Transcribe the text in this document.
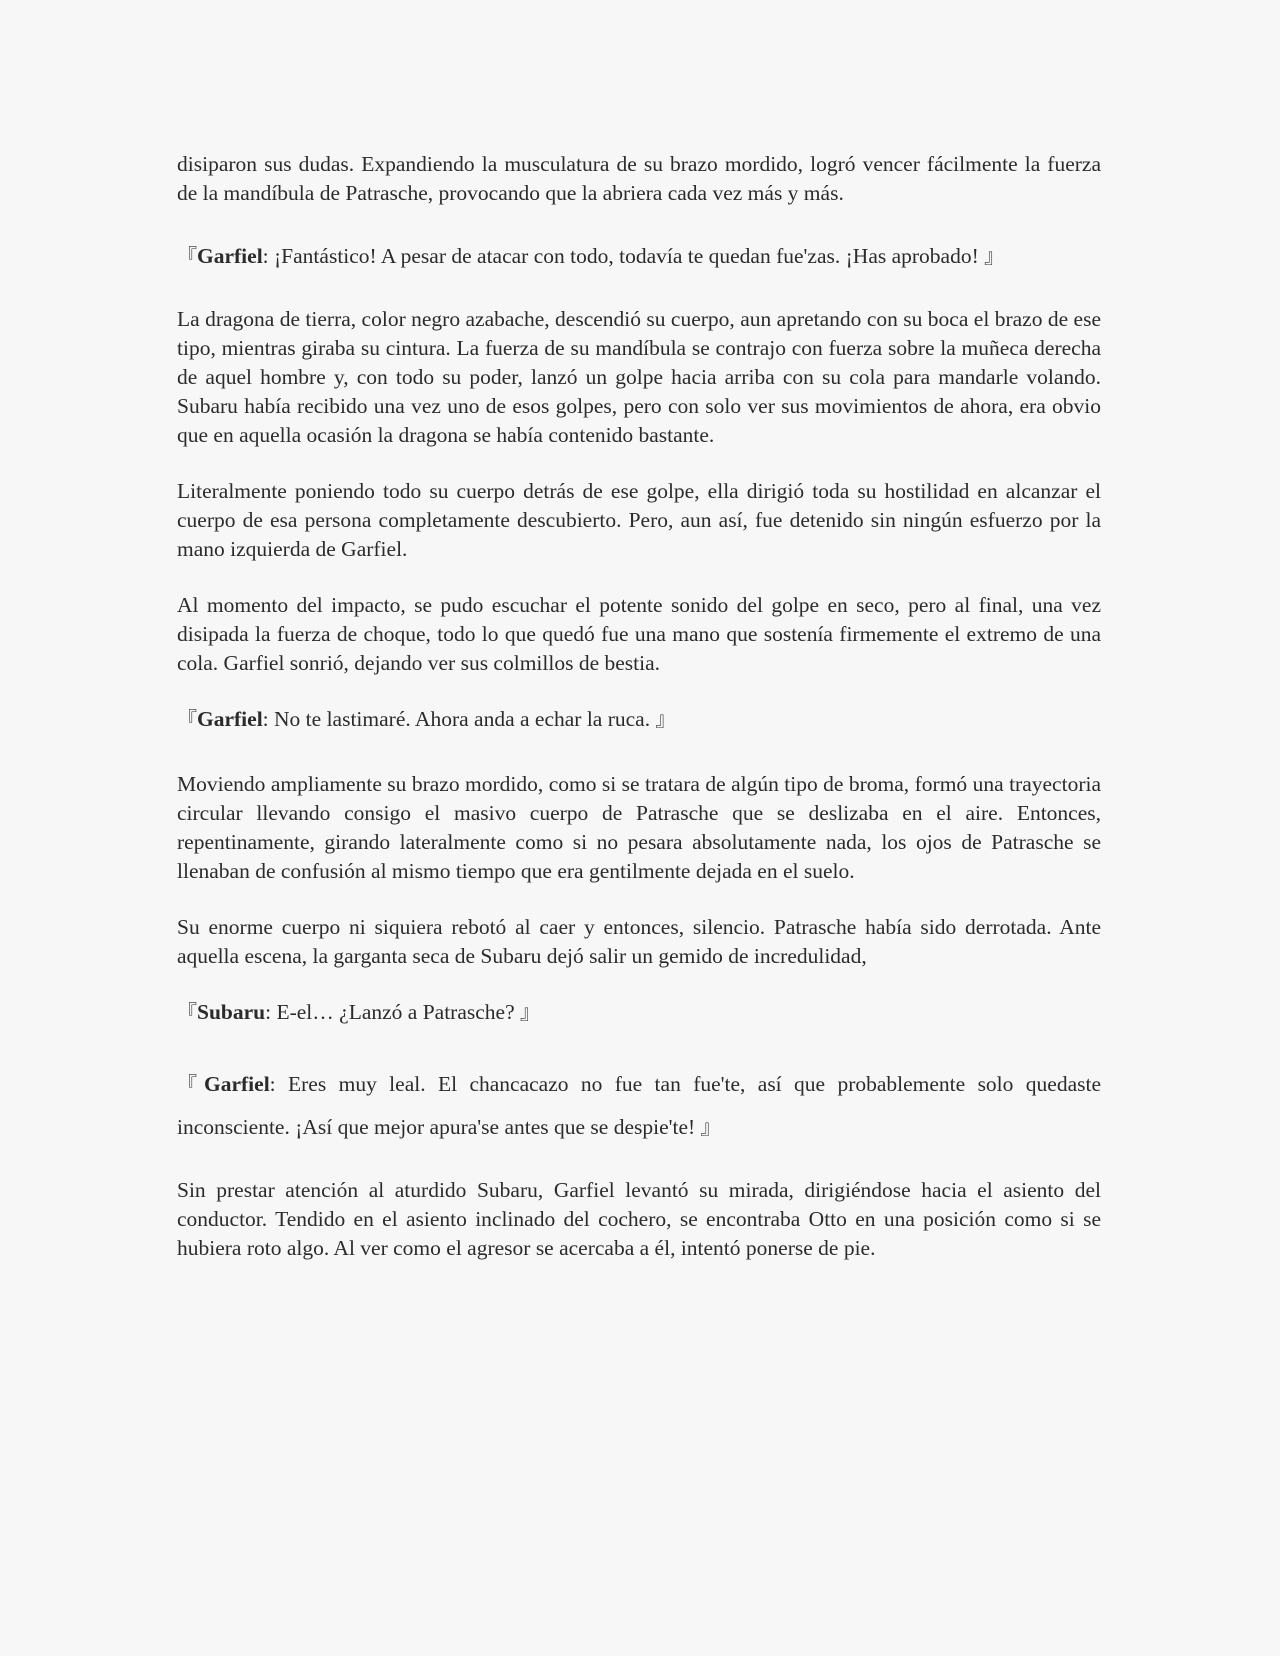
disiparon sus dudas. Expandiendo la musculatura de su brazo mordido, logró vencer fácilmente la fuerza de la mandíbula de Patrasche, provocando que la abriera cada vez más y más.

『Garfiel: ¡Fantástico! A pesar de atacar con todo, todavía te quedan fue'zas. ¡Has aprobado! 』

La dragona de tierra, color negro azabache, descendió su cuerpo, aun apretando con su boca el brazo de ese tipo, mientras giraba su cintura. La fuerza de su mandíbula se contrajo con fuerza sobre la muñeca derecha de aquel hombre y, con todo su poder, lanzó un golpe hacia arriba con su cola para mandarle volando. Subaru había recibido una vez uno de esos golpes, pero con solo ver sus movimientos de ahora, era obvio que en aquella ocasión la dragona se había contenido bastante.

Literalmente poniendo todo su cuerpo detrás de ese golpe, ella dirigió toda su hostilidad en alcanzar el cuerpo de esa persona completamente descubierto. Pero, aun así, fue detenido sin ningún esfuerzo por la mano izquierda de Garfiel.

Al momento del impacto, se pudo escuchar el potente sonido del golpe en seco, pero al final, una vez disipada la fuerza de choque, todo lo que quedó fue una mano que sostenía firmemente el extremo de una cola. Garfiel sonrió, dejando ver sus colmillos de bestia.

『Garfiel: No te lastimaré. Ahora anda a echar la ruca. 』

Moviendo ampliamente su brazo mordido, como si se tratara de algún tipo de broma, formó una trayectoria circular llevando consigo el masivo cuerpo de Patrasche que se deslizaba en el aire. Entonces, repentinamente, girando lateralmente como si no pesara absolutamente nada, los ojos de Patrasche se llenaban de confusión al mismo tiempo que era gentilmente dejada en el suelo.

Su enorme cuerpo ni siquiera rebotó al caer y entonces, silencio. Patrasche había sido derrotada. Ante aquella escena, la garganta seca de Subaru dejó salir un gemido de incredulidad,

『Subaru: E-el… ¿Lanzó a Patrasche? 』

『Garfiel: Eres muy leal. El chancacazo no fue tan fue'te, así que probablemente solo quedaste inconsciente. ¡Así que mejor apura'se antes que se despie'te! 』

Sin prestar atención al aturdido Subaru, Garfiel levantó su mirada, dirigiéndose hacia el asiento del conductor. Tendido en el asiento inclinado del cochero, se encontraba Otto en una posición como si se hubiera roto algo. Al ver como el agresor se acercaba a él, intentó ponerse de pie.
